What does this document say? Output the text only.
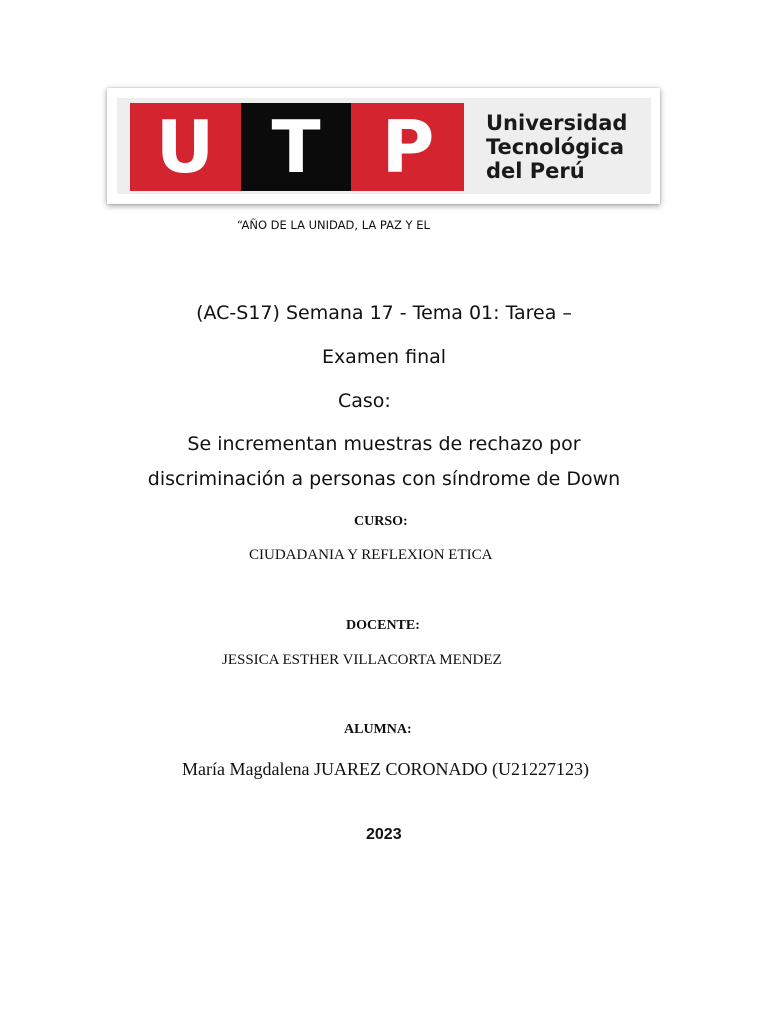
U T P	Universidad
Tecnológica
del Perú
“AÑO DE LA UNIDAD, LA PAZ Y EL
(AC-S17) Semana 17 - Tema 01: Tarea –
Examen final
Caso:
Se incrementan muestras de rechazo por
discriminación a personas con síndrome de Down
CURSO:
CIUDADANIA Y REFLEXION ETICA
DOCENTE:
JESSICA ESTHER VILLACORTA MENDEZ
ALUMNA:
María Magdalena JUAREZ CORONADO (U21227123)
2023
